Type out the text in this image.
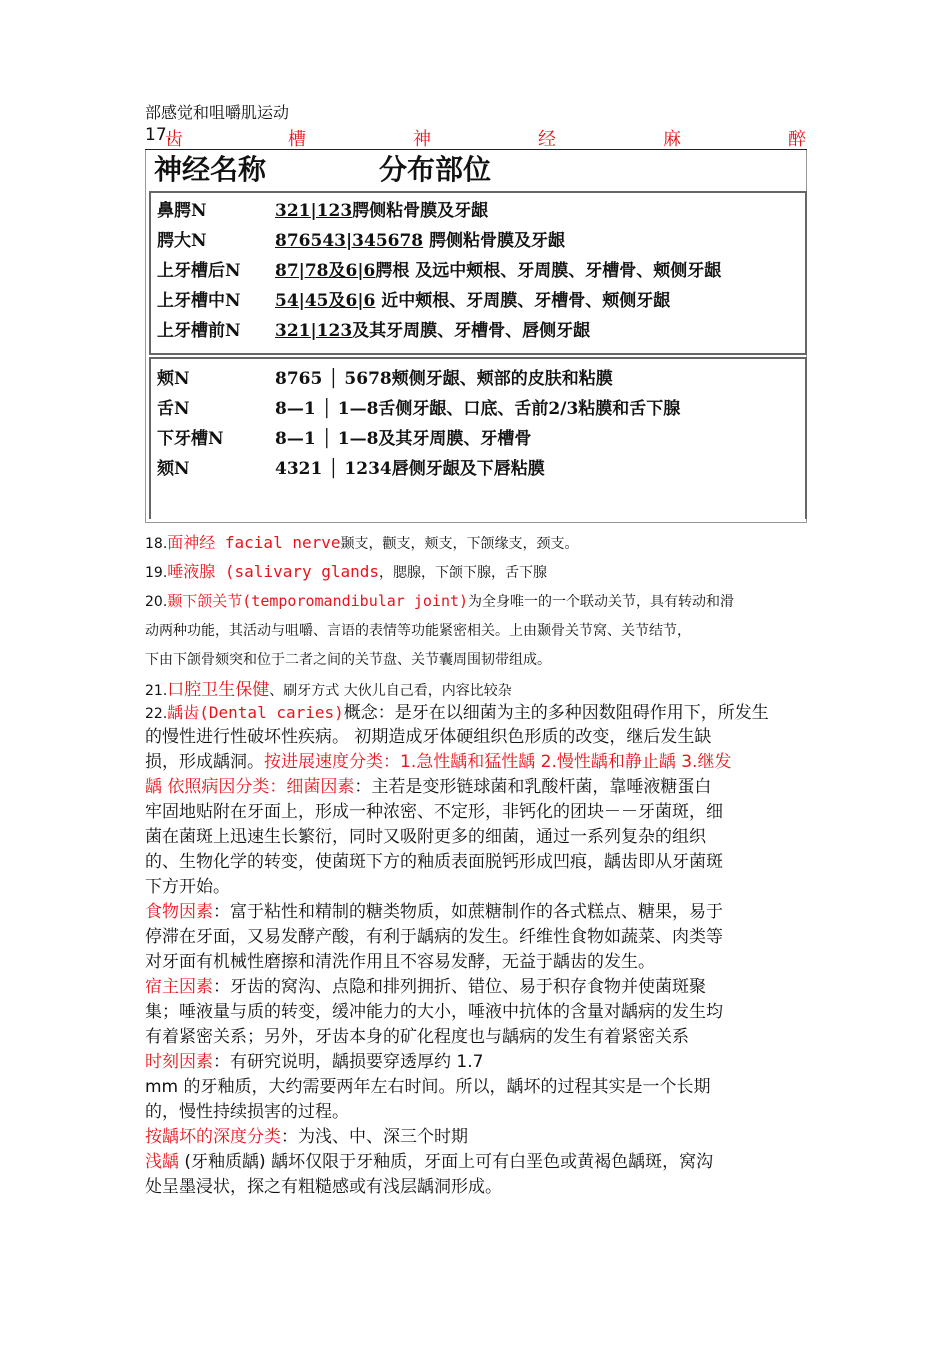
部感觉和咀嚼肌运动
17.
齿	槽	神	经	麻	醉
神经名称	分布部位
鼻腭N	321|123腭侧粘骨膜及牙龈
腭大N	876543|345678 腭侧粘骨膜及牙龈
上牙槽后N 87|78及6|6腭根 及远中颊根、牙周膜、牙槽骨、颊侧牙龈
上牙槽中N 54|45及6|6 近中颊根、牙周膜、牙槽骨、颊侧牙龈
上牙槽前N 321|123及其牙周膜、牙槽骨、唇侧牙龈
颊N	8765 │ 5678颊侧牙龈、颊部的皮肤和粘膜
舌N	8—1 │ 1—8舌侧牙龈、口底、舌前2/3粘膜和舌下腺
下牙槽N	8—1 │ 1—8及其牙周膜、牙槽骨
颏N	4321 │ 1234唇侧牙龈及下唇粘膜
18.面神经 facial nerve颞支，颧支，颊支，下颌缘支，颈支。
19.唾液腺 (salivary glands，腮腺，下颌下腺，舌下腺
20.颞下颌关节(temporomandibular joint)为全身唯一的一个联动关节，具有转动和滑
动两种功能，其活动与咀嚼、言语的表情等功能紧密相关。上由颞骨关节窝、关节结节，
下由下颌骨颏突和位于二者之间的关节盘、关节囊周围韧带组成。
21.口腔卫生保健、刷牙方式 大伙儿自己看，内容比较杂
22.龋齿(Dental caries)概念：是牙在以细菌为主的多种因数阻碍作用下，所发生
的慢性进行性破坏性疾病。 初期造成牙体硬组织色形质的改变，继后发生缺
损，形成龋洞。按进展速度分类：1.急性龋和猛性龋 2.慢性龋和静止龋 3.继发
龋 依照病因分类：细菌因素：主若是变形链球菌和乳酸杆菌，靠唾液糖蛋白
牢固地贴附在牙面上，形成一种浓密、不定形，非钙化的团块－－牙菌斑，细
菌在菌斑上迅速生长繁衍，同时又吸附更多的细菌，通过一系列复杂的组织
的、生物化学的转变，使菌斑下方的釉质表面脱钙形成凹痕，龋齿即从牙菌斑
下方开始。
食物因素：富于粘性和精制的糖类物质，如蔗糖制作的各式糕点、糖果，易于
停滞在牙面，又易发酵产酸，有利于龋病的发生。纤维性食物如蔬菜、肉类等
对牙面有机械性磨擦和清洗作用且不容易发酵，无益于龋齿的发生。
宿主因素：牙齿的窝沟、点隐和排列拥折、错位、易于积存食物并使菌斑聚
集；唾液量与质的转变，缓冲能力的大小，唾液中抗体的含量对龋病的发生均
有着紧密关系；另外，牙齿本身的矿化程度也与龋病的发生有着紧密关系
时刻因素：有研究说明，龋损要穿透厚约 1.7
mm 的牙釉质，大约需要两年左右时间。所以，龋坏的过程其实是一个长期
的，慢性持续损害的过程。
按龋坏的深度分类：为浅、中、深三个时期
浅龋 (牙釉质龋) 龋坏仅限于牙釉质，牙面上可有白垩色或黄褐色龋斑，窝沟
处呈墨浸状，探之有粗糙感或有浅层龋洞形成。
